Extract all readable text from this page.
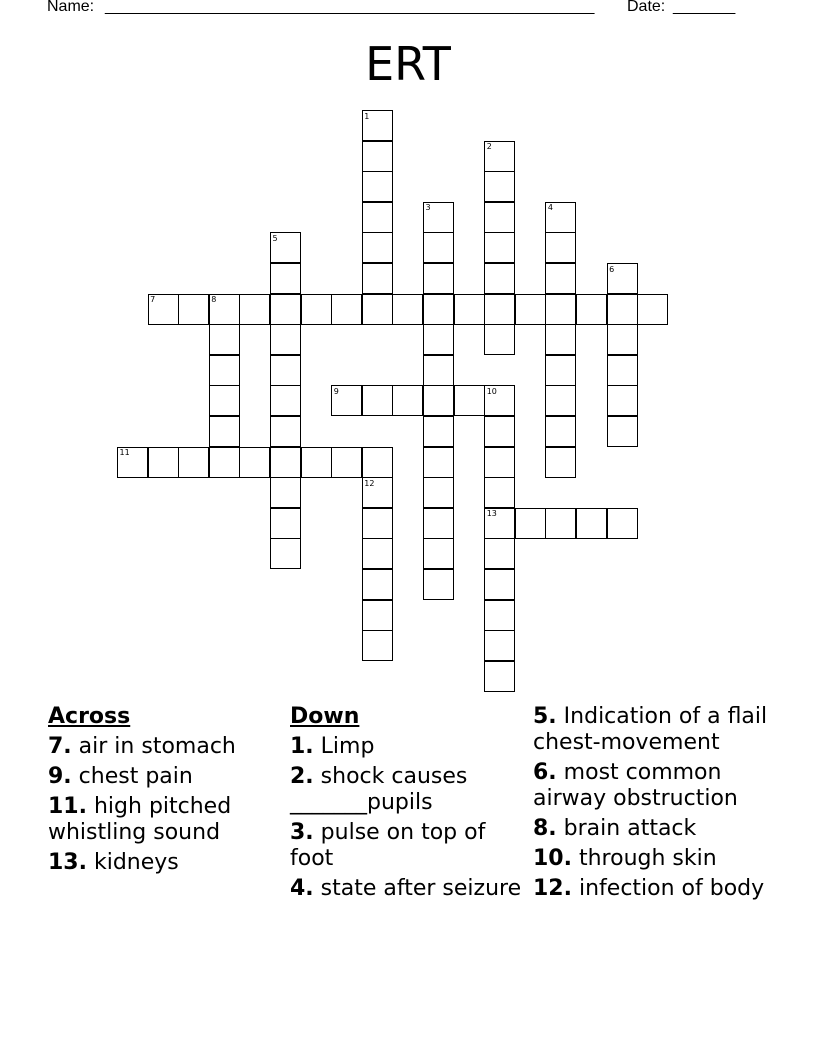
Name: _______________________________________________________ Date: _______
ERT
1
2
3	4
5
6
7	8
9	10
11
12
13
Across
7. air in stomach
9. chest pain
11. high pitched whistling sound
13. kidneys
Down
1. Limp
2. shock causes _______pupils
3. pulse on top of foot
4. state after seizure
5. Indication of a flail chest-movement
6. most common airway obstruction
8. brain attack
10. through skin
12. infection of body
